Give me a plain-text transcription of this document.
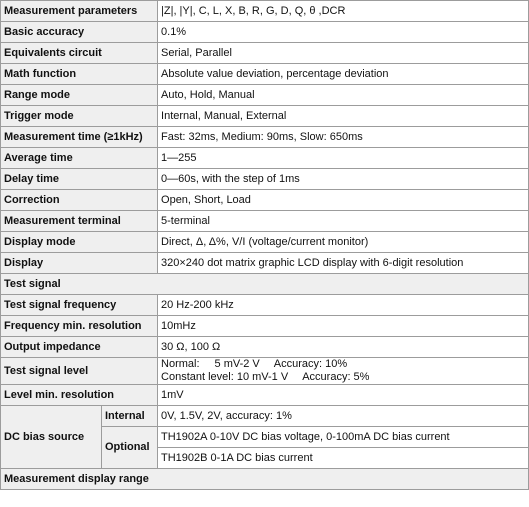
Measurement parameters		|Z|, |Y|, C, L, X, B, R, G, D, Q, θ ,DCR
Basic accuracy		0.1%
Equivalents circuit		Serial, Parallel
Math function		Absolute value deviation, percentage deviation
Range mode		Auto, Hold, Manual
Trigger mode		Internal, Manual, External
Measurement time (≥1kHz)		Fast: 32ms, Medium: 90ms, Slow: 650ms
Average time		1—255
Delay time		0—60s, with the step of 1ms
Correction		Open, Short, Load
Measurement terminal		5-terminal
Display mode		Direct, Δ, Δ%, V/I (voltage/current monitor)
Display		320×240 dot matrix graphic LCD display with 6-digit resolution
Test signal		
Test signal frequency		20 Hz-200 kHz
Frequency min. resolution		10mHz
Output impedance		30 Ω, 100 Ω
Test signal level		Normal: 5 mV-2 V Accuracy: 10%
Constant level: 10 mV-1 V Accuracy: 5%

Level min. resolution		1mV
DC bias source	Internal	0V, 1.5V, 2V, accuracy: 1%
	Optional	TH1902A 0-10V DC bias voltage, 0-100mA DC bias current
		TH1902B 0-1A DC bias current
Measurement display range		
